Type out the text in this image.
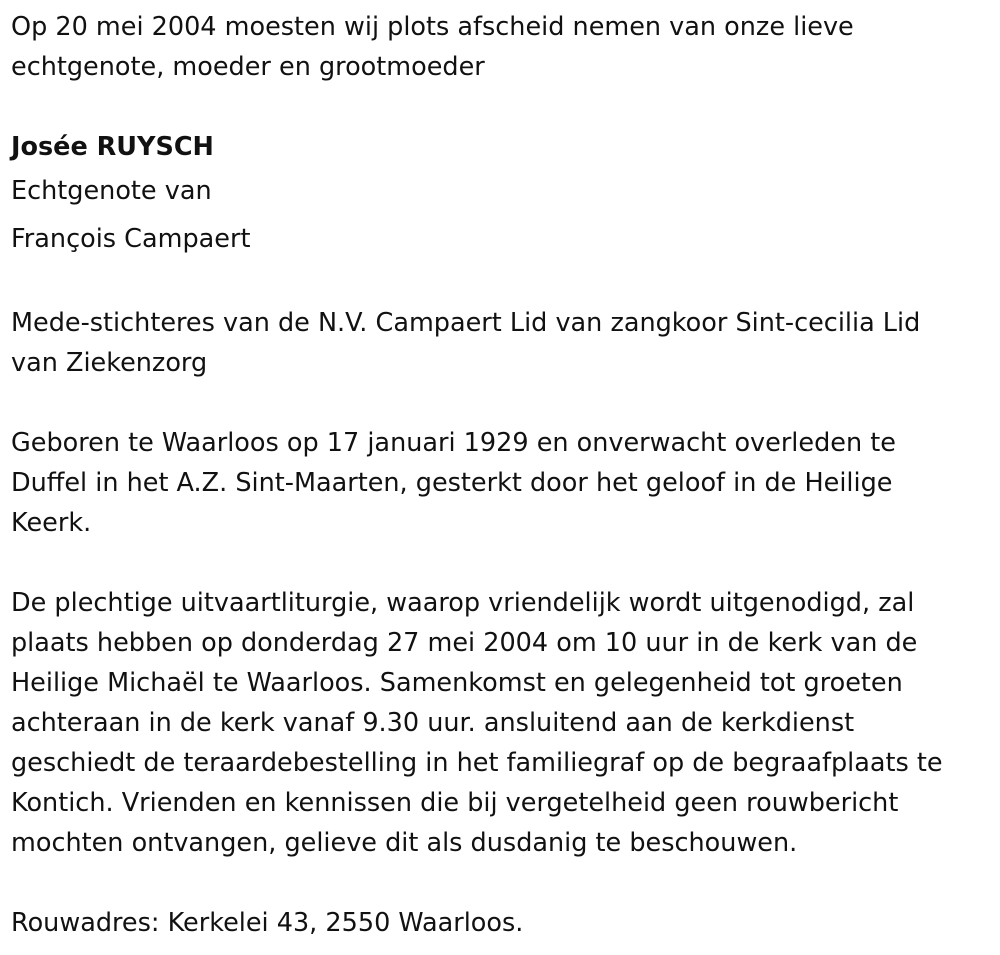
Op 20 mei 2004 moesten wij plots afscheid nemen van onze lieve
echtgenote, moeder en grootmoeder

Josée RUYSCH

Echtgenote van

François Campaert

Mede-stichteres van de N.V. Campaert Lid van zangkoor Sint-cecilia Lid
van Ziekenzorg

Geboren te Waarloos op 17 januari 1929 en onverwacht overleden te
Duffel in het A.Z. Sint-Maarten, gesterkt door het geloof in de Heilige
Keerk.

De plechtige uitvaartliturgie, waarop vriendelijk wordt uitgenodigd, zal
plaats hebben op donderdag 27 mei 2004 om 10 uur in de kerk van de
Heilige Michaël te Waarloos. Samenkomst en gelegenheid tot groeten
achteraan in de kerk vanaf 9.30 uur. ansluitend aan de kerkdienst
geschiedt de teraardebestelling in het familiegraf op de begraafplaats te
Kontich. Vrienden en kennissen die bij vergetelheid geen rouwbericht
mochten ontvangen, gelieve dit als dusdanig te beschouwen.

Rouwadres: Kerkelei 43, 2550 Waarloos.
